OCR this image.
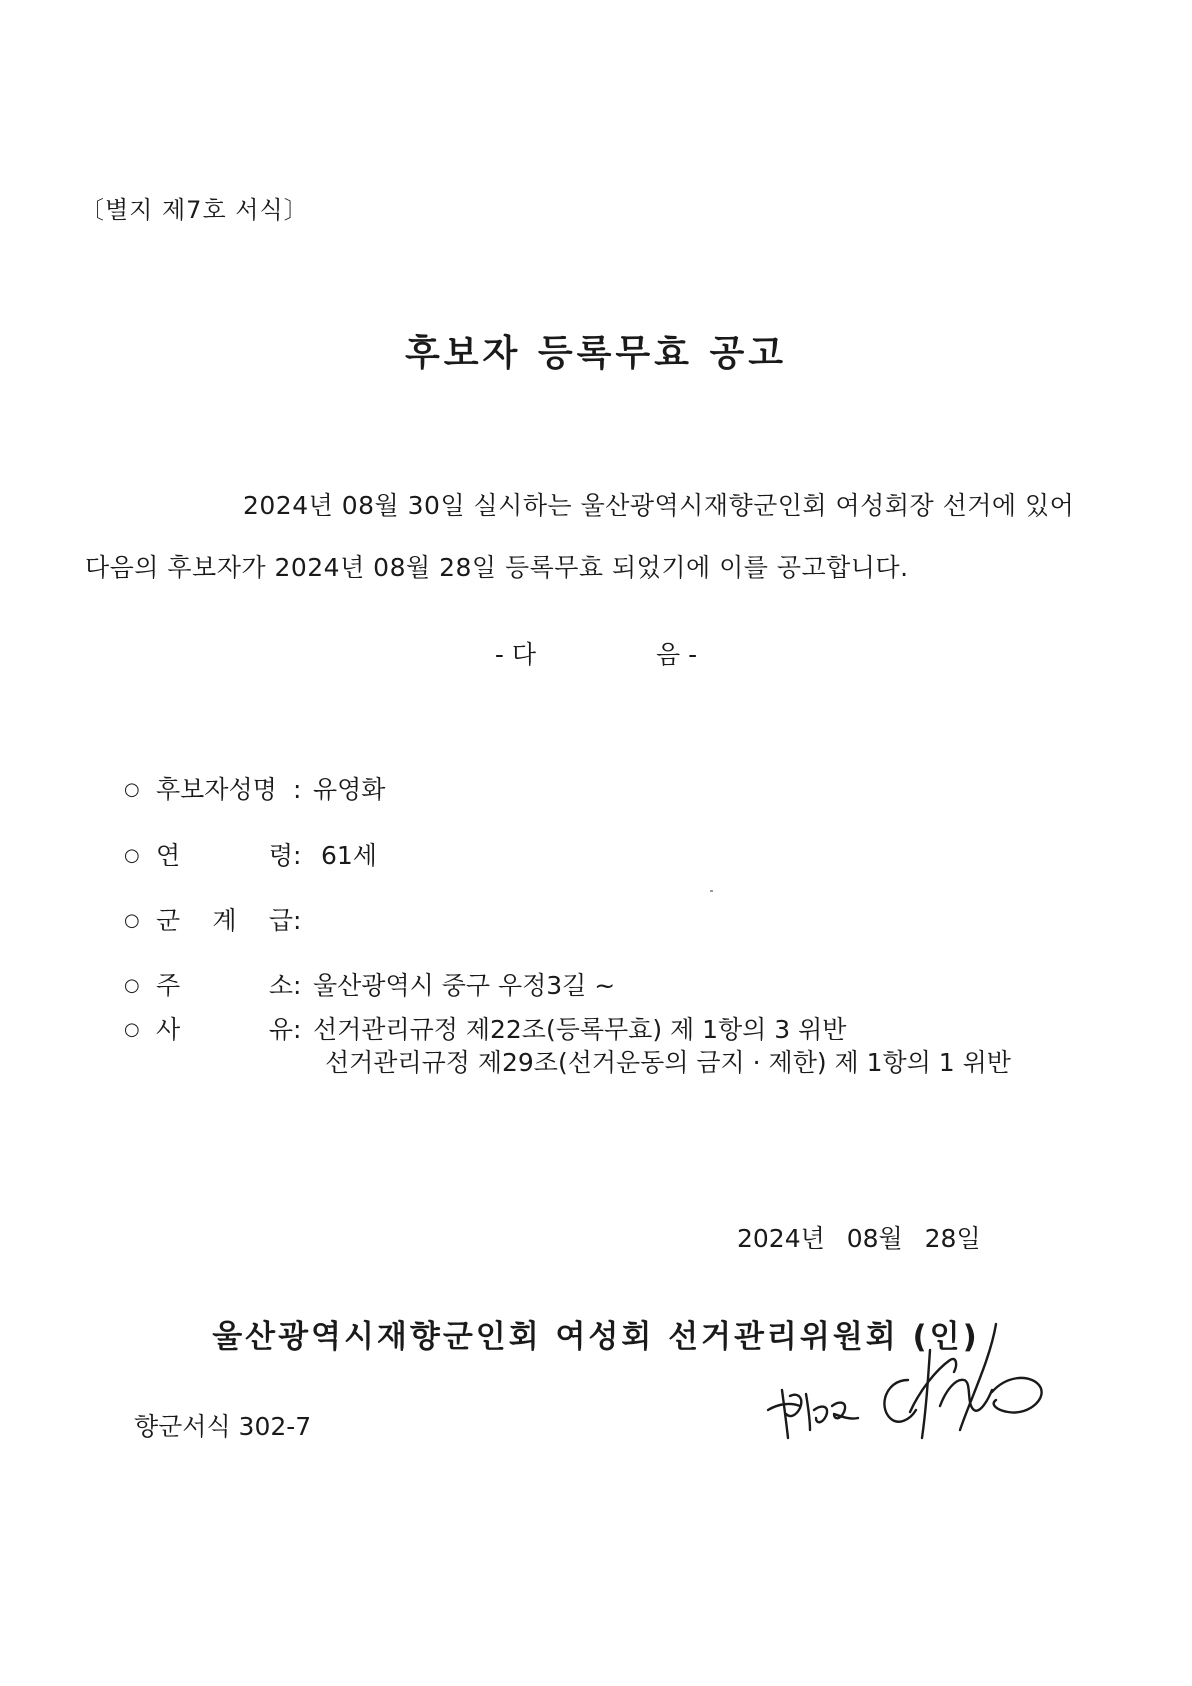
〔별지 제7호 서식〕
후보자 등록무효 공고
2024년 08월 30일 실시하는 울산광역시재향군인회 여성회장 선거에 있어
다음의 후보자가 2024년 08월 28일 등록무효 되었기에 이를 공고합니다.
- 다	음 -
○ 후보자성명 : 유영화
○ 연 령: 61세
○ 군 계 급:
○ 주 소: 울산광역시 중구 우정3길 ~
○ 사 유: 선거관리규정 제22조(등록무효) 제 1항의 3 위반
선거관리규정 제29조(선거운동의 금지 · 제한) 제 1항의 1 위반
2024년 08월 28일
울산광역시재향군인회 여성회 선거관리위원회 (인)
향군서식 302-7
